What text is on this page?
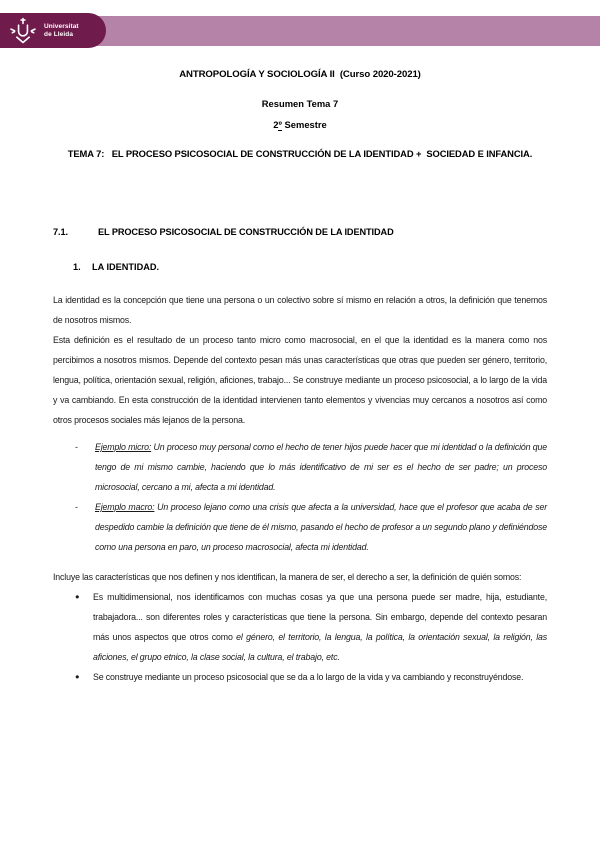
Universitat
de Lleida
ANTROPOLOGÍA Y SOCIOLOGÍA II  (Curso 2020-2021)
Resumen Tema 7
2º Semestre
TEMA 7:   EL PROCESO PSICOSOCIAL DE CONSTRUCCIÓN DE LA IDENTIDAD +  SOCIEDAD E INFANCIA.
7.1.	EL PROCESO PSICOSOCIAL DE CONSTRUCCIÓN DE LA IDENTIDAD
1.	LA IDENTIDAD.

La identidad es la concepción que tiene una persona o un colectivo sobre sí mismo en relación a otros, la definición que tenemos de nosotros mismos.

Esta definición es el resultado de un proceso tanto micro como macrosocial, en el que la identidad es la manera como nos percibimos a nosotros mismos. Depende del contexto pesan más unas características que otras que pueden ser género, territorio, lengua, política, orientación sexual, religión, aficiones, trabajo... Se construye mediante un proceso psicosocial, a lo largo de la vida y va cambiando. En esta construcción de la identidad intervienen tanto elementos y vivencias muy cercanos a nosotros así como otros procesos sociales más lejanos de la persona.

-	Ejemplo micro: Un proceso muy personal como el hecho de tener hijos puede hacer que mi identidad o la definición que tengo de mi mismo cambie, haciendo que lo más identificativo de mi ser es el hecho de ser padre; un proceso microsocial, cercano a mi, afecta a mi identidad.
-	Ejemplo macro: Un proceso lejano como una crisis que afecta a la universidad, hace que el profesor que acaba de ser despedido cambie la definición que tiene de él mismo, pasando el hecho de profesor a un segundo plano y definiéndose como una persona en paro, un proceso macrosocial, afecta mi identidad.

Incluye las características que nos definen y nos identifican, la manera de ser, el derecho a ser, la definición de quién somos:

●	Es multidimensional, nos identificamos con muchas cosas ya que una persona puede ser madre, hija, estudiante, trabajadora... son diferentes roles y características que tiene la persona. Sin embargo, depende del contexto pesaran más unos aspectos que otros como el género, el territorio, la lengua, la política, la orientación sexual, la religión, las aficiones, el grupo etnico, la clase social, la cultura, el trabajo, etc.
●	Se construye mediante un proceso psicosocial que se da a lo largo de la vida y va cambiando y reconstruyéndose.
